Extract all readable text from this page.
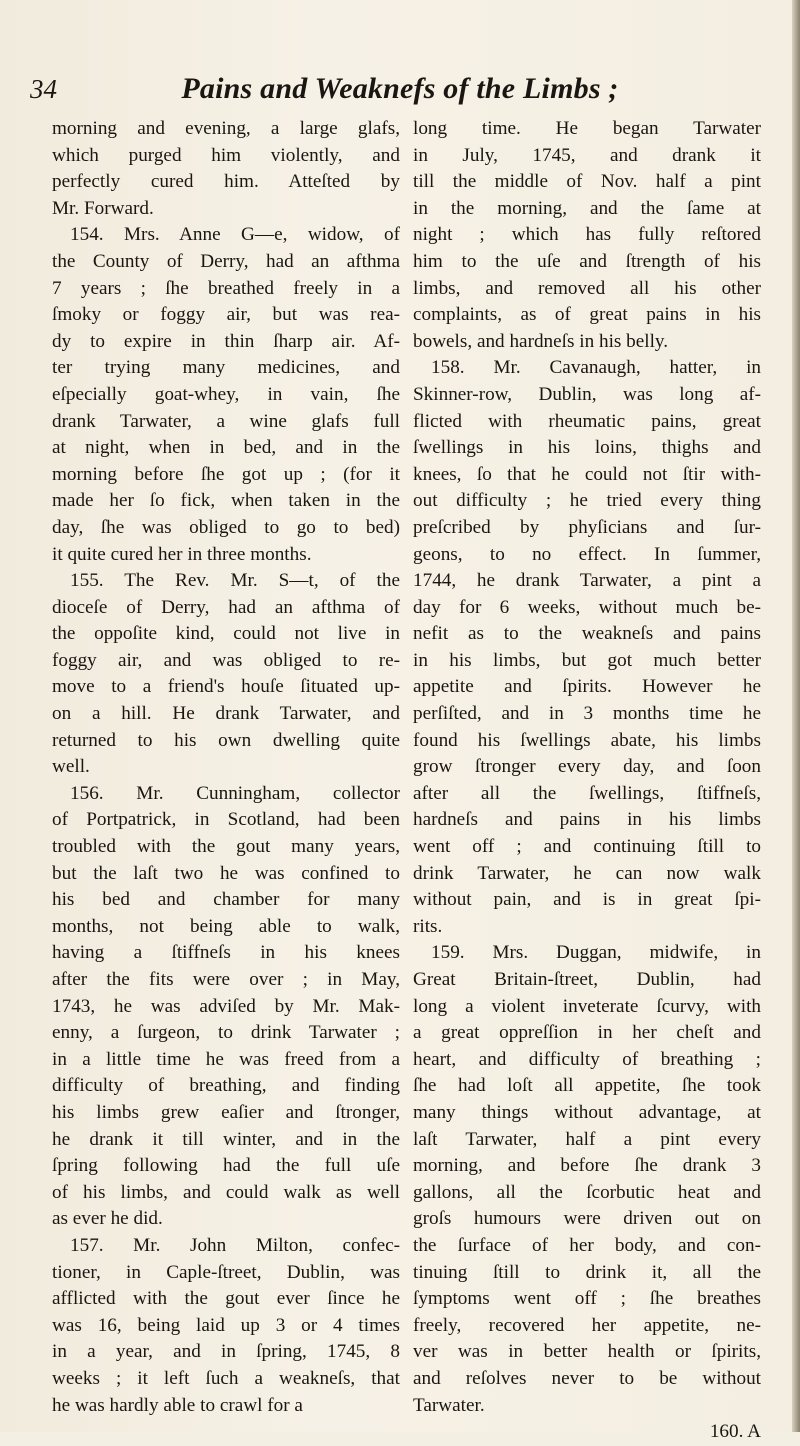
34	Pains and Weaknefs of the Limbs ;
morning and evening, a large glafs,
which purged him violently, and
perfectly cured him. Atteſted by
Mr. Forward.
154. Mrs. Anne G—e, widow, of
the County of Derry, had an afthma
7 years ; ſhe breathed freely in a
ſmoky or foggy air, but was rea-
dy to expire in thin ſharp air. Af-
ter trying many medicines, and
eſpecially goat-whey, in vain, ſhe
drank Tarwater, a wine glafs full
at night, when in bed, and in the
morning before ſhe got up ; (for it
made her ſo fick, when taken in the
day, ſhe was obliged to go to bed)
it quite cured her in three months.
155. The Rev. Mr. S—t, of the
dioceſe of Derry, had an afthma of
the oppoſite kind, could not live in
foggy air, and was obliged to re-
move to a friend's houſe ſituated up-
on a hill. He drank Tarwater, and
returned to his own dwelling quite
well.
156. Mr. Cunningham, collector
of Portpatrick, in Scotland, had been
troubled with the gout many years,
but the laſt two he was confined to
his bed and chamber for many
months, not being able to walk,
having a ſtiffneſs in his knees
after the fits were over ; in May,
1743, he was adviſed by Mr. Mak-
enny, a ſurgeon, to drink Tarwater ;
in a little time he was freed from a
difficulty of breathing, and finding
his limbs grew eaſier and ſtronger,
he drank it till winter, and in the
ſpring following had the full uſe
of his limbs, and could walk as well
as ever he did.
157. Mr. John Milton, confec-
tioner, in Caple-ſtreet, Dublin, was
afflicted with the gout ever ſince he
was 16, being laid up 3 or 4 times
in a year, and in ſpring, 1745, 8
weeks ; it left ſuch a weakneſs, that
he was hardly able to crawl for a
long time. He began Tarwater
in July, 1745, and drank it
till the middle of Nov. half a pint
in the morning, and the ſame at
night ; which has fully reſtored
him to the uſe and ſtrength of his
limbs, and removed all his other
complaints, as of great pains in his
bowels, and hardneſs in his belly.
158. Mr. Cavanaugh, hatter, in
Skinner-row, Dublin, was long af-
flicted with rheumatic pains, great
ſwellings in his loins, thighs and
knees, ſo that he could not ſtir with-
out difficulty ; he tried every thing
preſcribed by phyſicians and ſur-
geons, to no effect. In ſummer,
1744, he drank Tarwater, a pint a
day for 6 weeks, without much be-
nefit as to the weakneſs and pains
in his limbs, but got much better
appetite and ſpirits. However he
perſiſted, and in 3 months time he
found his ſwellings abate, his limbs
grow ſtronger every day, and ſoon
after all the ſwellings, ſtiffneſs,
hardneſs and pains in his limbs
went off ; and continuing ſtill to
drink Tarwater, he can now walk
without pain, and is in great ſpi-
rits.
159. Mrs. Duggan, midwife, in
Great Britain-ſtreet, Dublin, had
long a violent inveterate ſcurvy, with
a great oppreſſion in her cheſt and
heart, and difficulty of breathing ;
ſhe had loſt all appetite, ſhe took
many things without advantage, at
laſt Tarwater, half a pint every
morning, and before ſhe drank 3
gallons, all the ſcorbutic heat and
groſs humours were driven out on
the ſurface of her body, and con-
tinuing ſtill to drink it, all the
ſymptoms went off ; ſhe breathes
freely, recovered her appetite, ne-
ver was in better health or ſpirits,
and reſolves never to be without
Tarwater.
160. A
